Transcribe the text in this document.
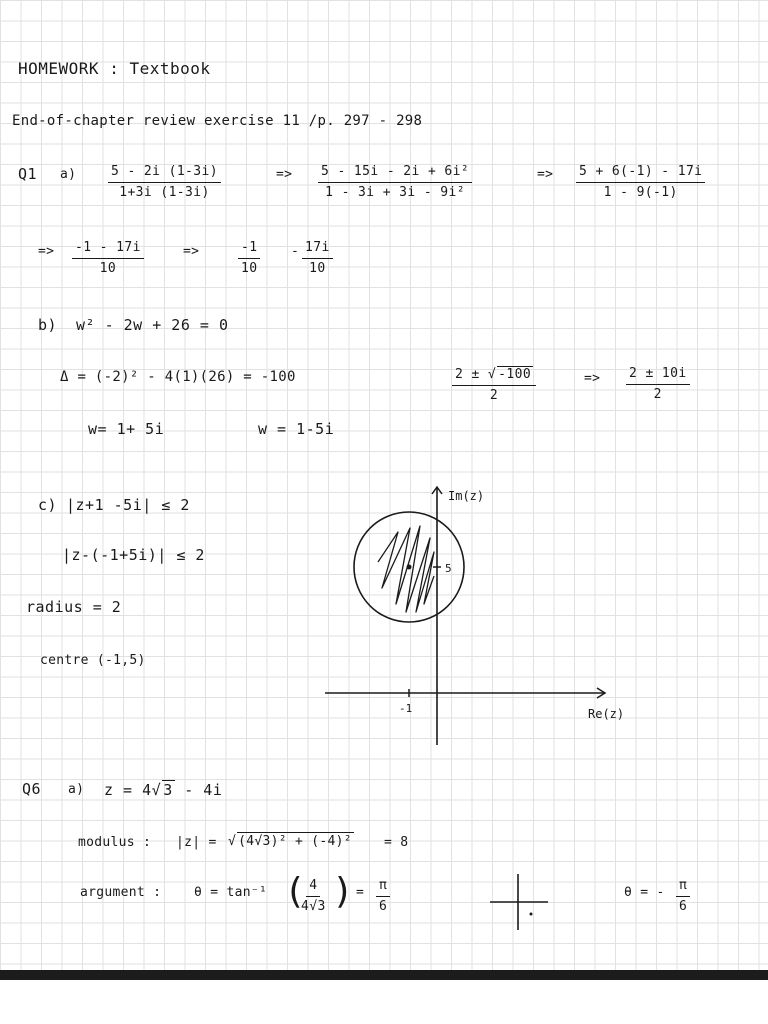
HOMEWORK : Textbook
End-of-chapter review exercise 11 /p. 297 - 298
Q1 $a) \frac{5 - 2i (1-3i)}{1+3i (1-3i)}$	=> $\frac{\text{5 - 15i - 2i + 6i²}}{\text{1 - 3i + 3i - 9i²}}$	=> $\frac{5 + 6(-1) - 17i}{1 - 9(-1)}$
=> $\frac{-1 - 17i}{10}$	=>	$\frac{-1}{10} - \frac{17i}{10}$
b) w² - 2w + 26 = 0
Δ = (-2)² - 4(1)(26) = -100	$\frac{2 \pm √ -100}{2}$	=> $\frac{2 \pm 10i}{2}$
w= 1+ 5i	w = 1-5i
c) |z+1 -5i| ≤ 2
|z-(-1+5i)| ≤ 2
radius = 2
centre (-1,5)
Im(z)
Re(z)
-1
5
Q6 a) z = 4√ 3 - 4i
modulus : |z| = √ (4√3)² + (-4)² = 8
argument :	θ = tan⁻¹ (
$\frac{4}{4√3}$ ) = $\frac{\pi}{6}$	θ = - $\frac{\pi}{6}$
